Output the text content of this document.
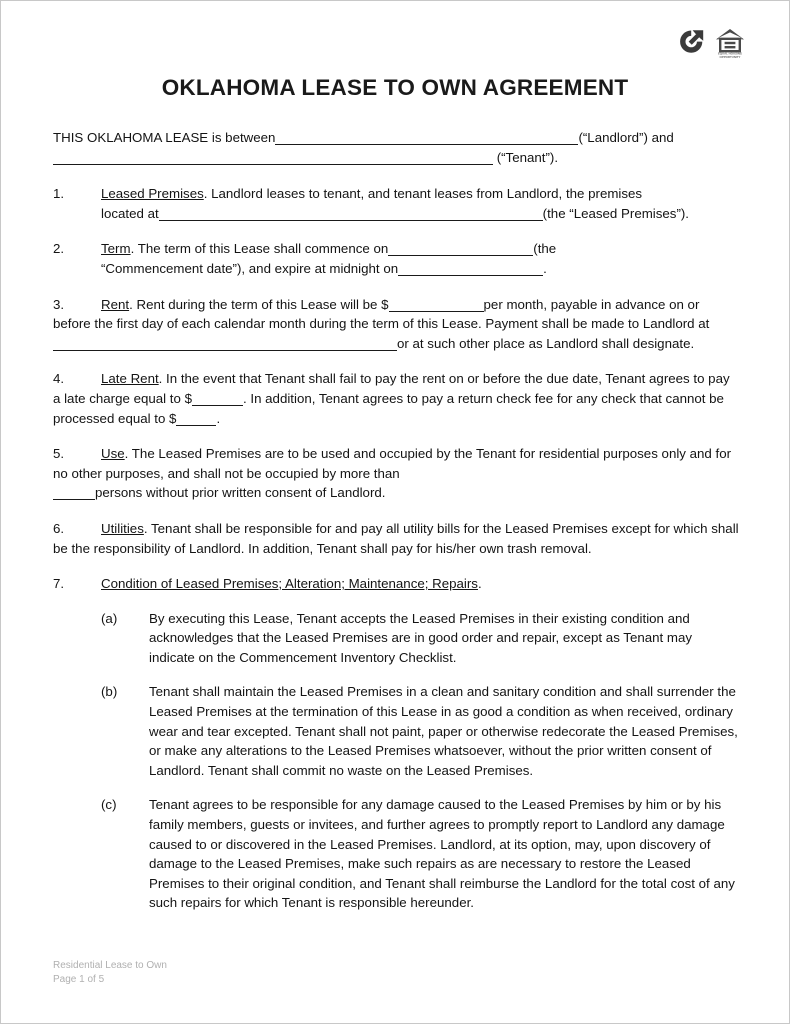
EQUAL HOUSING
OPPORTUNITY
OKLAHOMA LEASE TO OWN AGREEMENT
THIS OKLAHOMA LEASE is between	(“Landlord”) and
(“Tenant”).
1.	Leased Premises. Landlord leases to tenant, and tenant leases from Landlord, the premises
located at	(the “Leased Premises”).
2.	Term. The term of this Lease shall commence on	(the
“Commencement date”), and expire at midnight on	.
3.	Rent. Rent during the term of this Lease will be $	per month, payable in advance on or before the first day of each calendar month during the term of this Lease. Payment shall be made to Landlord ator at such other place as Landlord shall designate.
4.	Late Rent. In the event that Tenant shall fail to pay the rent on or before the due date, Tenant agrees to pay a late charge equal to $	. In addition, Tenant agrees to pay a return check fee for any check that cannot be processed equal to $	.
5.	Use. The Leased Premises are to be used and occupied by the Tenant for residential purposes only and for no other purposes, and shall not be occupied by more than
persons without prior written consent of Landlord.
6.	Utilities. Tenant shall be responsible for and pay all utility bills for the Leased Premises except for which shall be the responsibility of Landlord. In addition, Tenant shall pay for his/her own trash removal.
7.	Condition of Leased Premises; Alteration; Maintenance; Repairs.
(a) By executing this Lease, Tenant accepts the Leased Premises in their existing condition and acknowledges that the Leased Premises are in good order and repair, except as Tenant may indicate on the Commencement Inventory Checklist.
(b) Tenant shall maintain the Leased Premises in a clean and sanitary condition and shall surrender the Leased Premises at the termination of this Lease in as good a condition as when received, ordinary wear and tear excepted. Tenant shall not paint, paper or otherwise redecorate the Leased Premises, or make any alterations to the Leased Premises whatsoever, without the prior written consent of Landlord. Tenant shall commit no waste on the Leased Premises.
(c) Tenant agrees to be responsible for any damage caused to the Leased Premises by him or by his family members, guests or invitees, and further agrees to promptly report to Landlord any damage caused to or discovered in the Leased Premises. Landlord, at its option, may, upon discovery of damage to the Leased Premises, make such repairs as are necessary to restore the Leased Premises to their original condition, and Tenant shall reimburse the Landlord for the total cost of any such repairs for which Tenant is responsible hereunder.
Residential Lease to Own
Page 1 of 5
